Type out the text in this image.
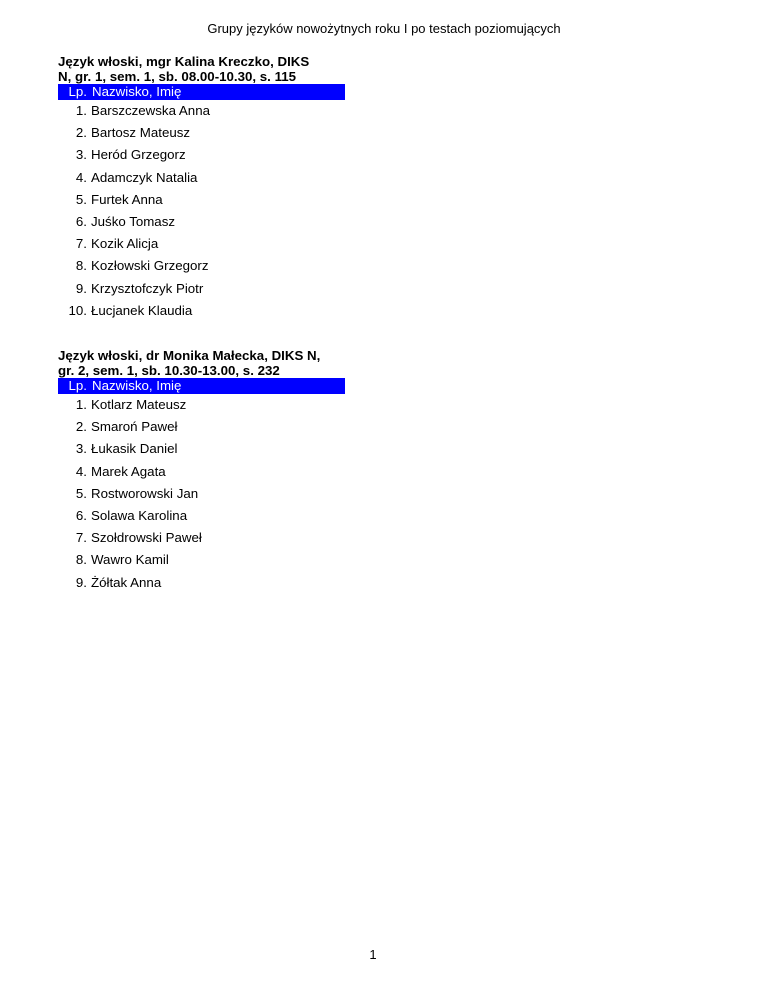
Grupy języków nowożytnych roku I po testach poziomujących

Język włoski, mgr Kalina Kreczko, DIKS
N, gr. 1, sem. 1, sb. 08.00-10.30, s. 115

Lp. Nazwisko, Imię
1. Barszczewska Anna
2. Bartosz Mateusz
3. Heród Grzegorz
4. Adamczyk Natalia
5. Furtek Anna
6. Juśko Tomasz
7. Kozik Alicja
8. Kozłowski Grzegorz
9. Krzysztofczyk Piotr
10. Łucjanek Klaudia

Język włoski, dr Monika Małecka, DIKS N,
gr. 2, sem. 1, sb. 10.30-13.00, s. 232

Lp. Nazwisko, Imię
1. Kotlarz Mateusz
2. Smaroń Paweł
3. Łukasik Daniel
4. Marek Agata
5. Rostworowski Jan
6. Solawa Karolina
7. Szołdrowski Paweł
8. Wawro Kamil
9. Żółtak Anna
1
